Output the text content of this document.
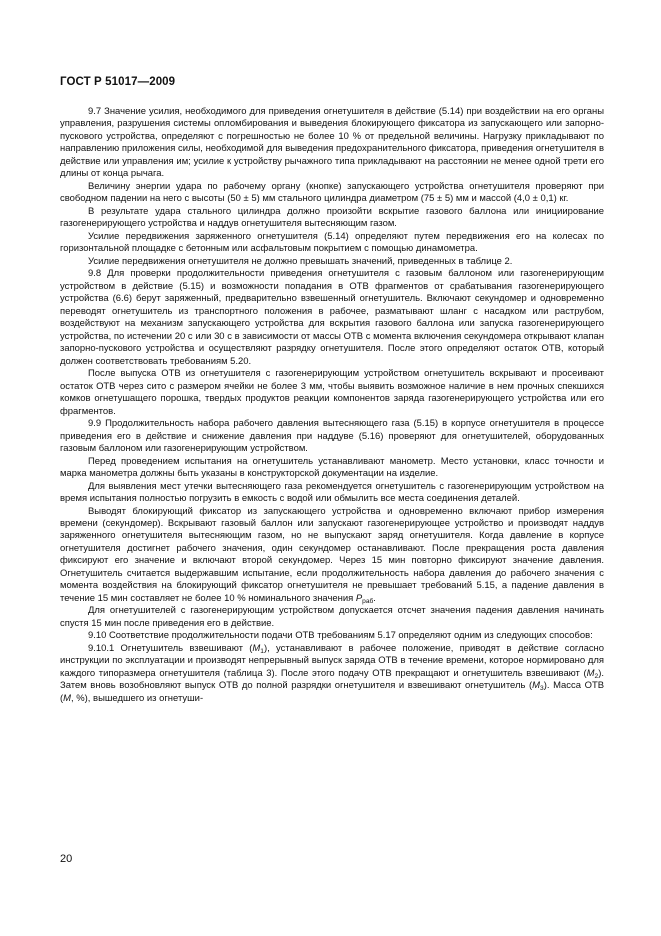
ГОСТ Р 51017—2009

9.7 Значение усилия, необходимого для приведения огнетушителя в действие (5.14) при воздействии на его органы управления, разрушения системы опломбирования и выведения блокирующего фиксатора из запускающего или запорно-пускового устройства, определяют с погрешностью не более 10 % от предельной величины. Нагрузку прикладывают по направлению приложения силы, необходимой для выведения предохранительного фиксатора, приведения огнетушителя в действие или управления им; усилие к устройству рычажного типа прикладывают на расстоянии не менее одной трети его длины от конца рычага.

Величину энергии удара по рабочему органу (кнопке) запускающего устройства огнетушителя проверяют при свободном падении на него с высоты (50 ± 5) мм стального цилиндра диаметром (75 ± 5) мм и массой (4,0 ± 0,1) кг.

В результате удара стального цилиндра должно произойти вскрытие газового баллона или инициирование газогенерирующего устройства и наддув огнетушителя вытесняющим газом.

Усилие передвижения заряженного огнетушителя (5.14) определяют путем передвижения его на колесах по горизонтальной площадке с бетонным или асфальтовым покрытием с помощью динамометра.

Усилие передвижения огнетушителя не должно превышать значений, приведенных в таблице 2.

9.8 Для проверки продолжительности приведения огнетушителя с газовым баллоном или газогенерирующим устройством в действие (5.15) и возможности попадания в ОТВ фрагментов от срабатывания газогенерирующего устройства (6.6) берут заряженный, предварительно взвешенный огнетушитель. Включают секундомер и одновременно переводят огнетушитель из транспортного положения в рабочее, разматывают шланг с насадком или раструбом, воздействуют на механизм запускающего устройства для вскрытия газового баллона или запуска газогенерирующего устройства, по истечении 20 с или 30 с в зависимости от массы ОТВ с момента включения секундомера открывают клапан запорно-пускового устройства и осуществляют разрядку огнетушителя. После этого определяют остаток ОТВ, который должен соответствовать требованиям 5.20.

После выпуска ОТВ из огнетушителя с газогенерирующим устройством огнетушитель вскрывают и просеивают остаток ОТВ через сито с размером ячейки не более 3 мм, чтобы выявить возможное наличие в нем прочных спекшихся комков огнетушащего порошка, твердых продуктов реакции компонентов заряда газогенерирующего устройства или его фрагментов.

9.9 Продолжительность набора рабочего давления вытесняющего газа (5.15) в корпусе огнетушителя в процессе приведения его в действие и снижение давления при наддуве (5.16) проверяют для огнетушителей, оборудованных газовым баллоном или газогенерирующим устройством.

Перед проведением испытания на огнетушитель устанавливают манометр. Место установки, класс точности и марка манометра должны быть указаны в конструкторской документации на изделие.

Для выявления мест утечки вытесняющего газа рекомендуется огнетушитель с газогенерирующим устройством на время испытания полностью погрузить в емкость с водой или обмылить все места соединения деталей.

Выводят блокирующий фиксатор из запускающего устройства и одновременно включают прибор измерения времени (секундомер). Вскрывают газовый баллон или запускают газогенерирующее устройство и производят наддув заряженного огнетушителя вытесняющим газом, но не выпускают заряд огнетушителя. Когда давление в корпусе огнетушителя достигнет рабочего значения, один секундомер останавливают. После прекращения роста давления фиксируют его значение и включают второй секундомер. Через 15 мин повторно фиксируют значение давления. Огнетушитель считается выдержавшим испытание, если продолжительность набора давления до рабочего значения с момента воздействия на блокирующий фиксатор огнетушителя не превышает требований 5.15, а падение давления в течение 15 мин составляет не более 10 % номинального значения $P_{раб}$.

Для огнетушителей с газогенерирующим устройством допускается отсчет значения падения давления начинать спустя 15 мин после приведения его в действие.

9.10 Соответствие продолжительности подачи ОТВ требованиям 5.17 определяют одним из следующих способов:

9.10.1 Огнетушитель взвешивают $(M_1)$, устанавливают в рабочее положение, приводят в действие согласно инструкции по эксплуатации и производят непрерывный выпуск заряда ОТВ в течение времени, которое нормировано для каждого типоразмера огнетушителя (таблица 3). После этого подачу ОТВ прекращают и огнетушитель взвешивают $(M_2)$. Затем вновь возобновляют выпуск ОТВ до полной разрядки огнетушителя и взвешивают огнетушитель $(M_3)$. Масса ОТВ (M, %), вышедшего из огнетуши-

20
